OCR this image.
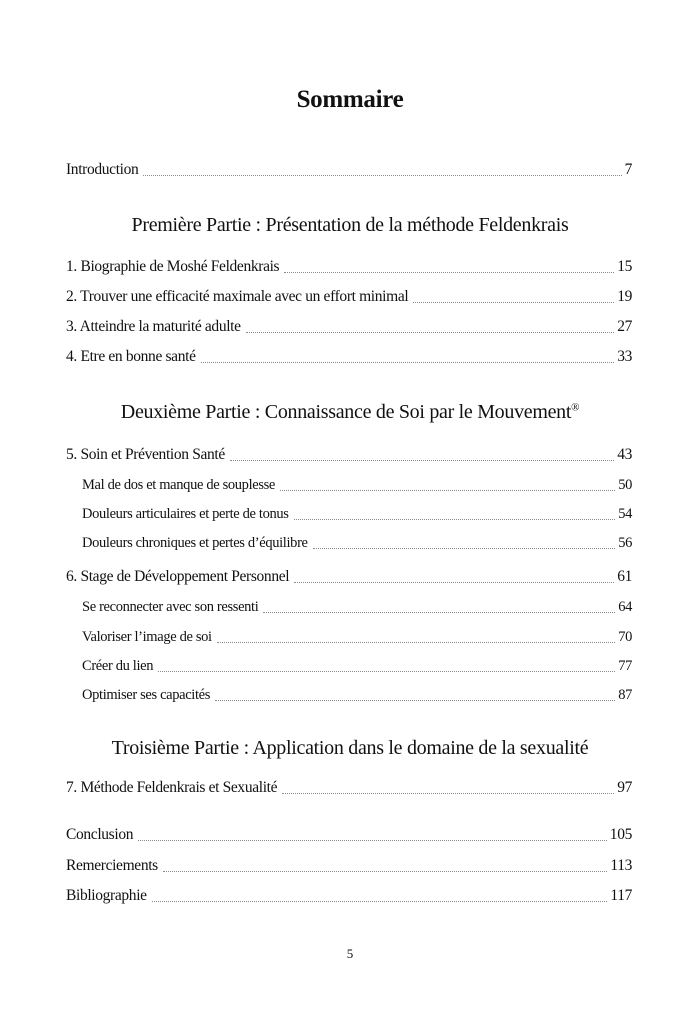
Sommaire
Introduction	7
Première Partie : Présentation de la méthode Feldenkrais
1. Biographie de Moshé Feldenkrais	15
2. Trouver une efficacité maximale avec un effort minimal	19
3. Atteindre la maturité adulte	27
4. Etre en bonne santé	33
Deuxième Partie : Connaissance de Soi par le Mouvement®
5. Soin et Prévention Santé	43
Mal de dos et manque de souplesse	50
Douleurs articulaires et perte de tonus	54
Douleurs chroniques et pertes d’équilibre	56
6. Stage de Développement Personnel	61
Se reconnecter avec son ressenti	64
Valoriser l’image de soi	70
Créer du lien	77
Optimiser ses capacités	87
Troisième Partie : Application dans le domaine de la sexualité
7. Méthode Feldenkrais et Sexualité	97
Conclusion	105
Remerciements	113
Bibliographie	117
5
